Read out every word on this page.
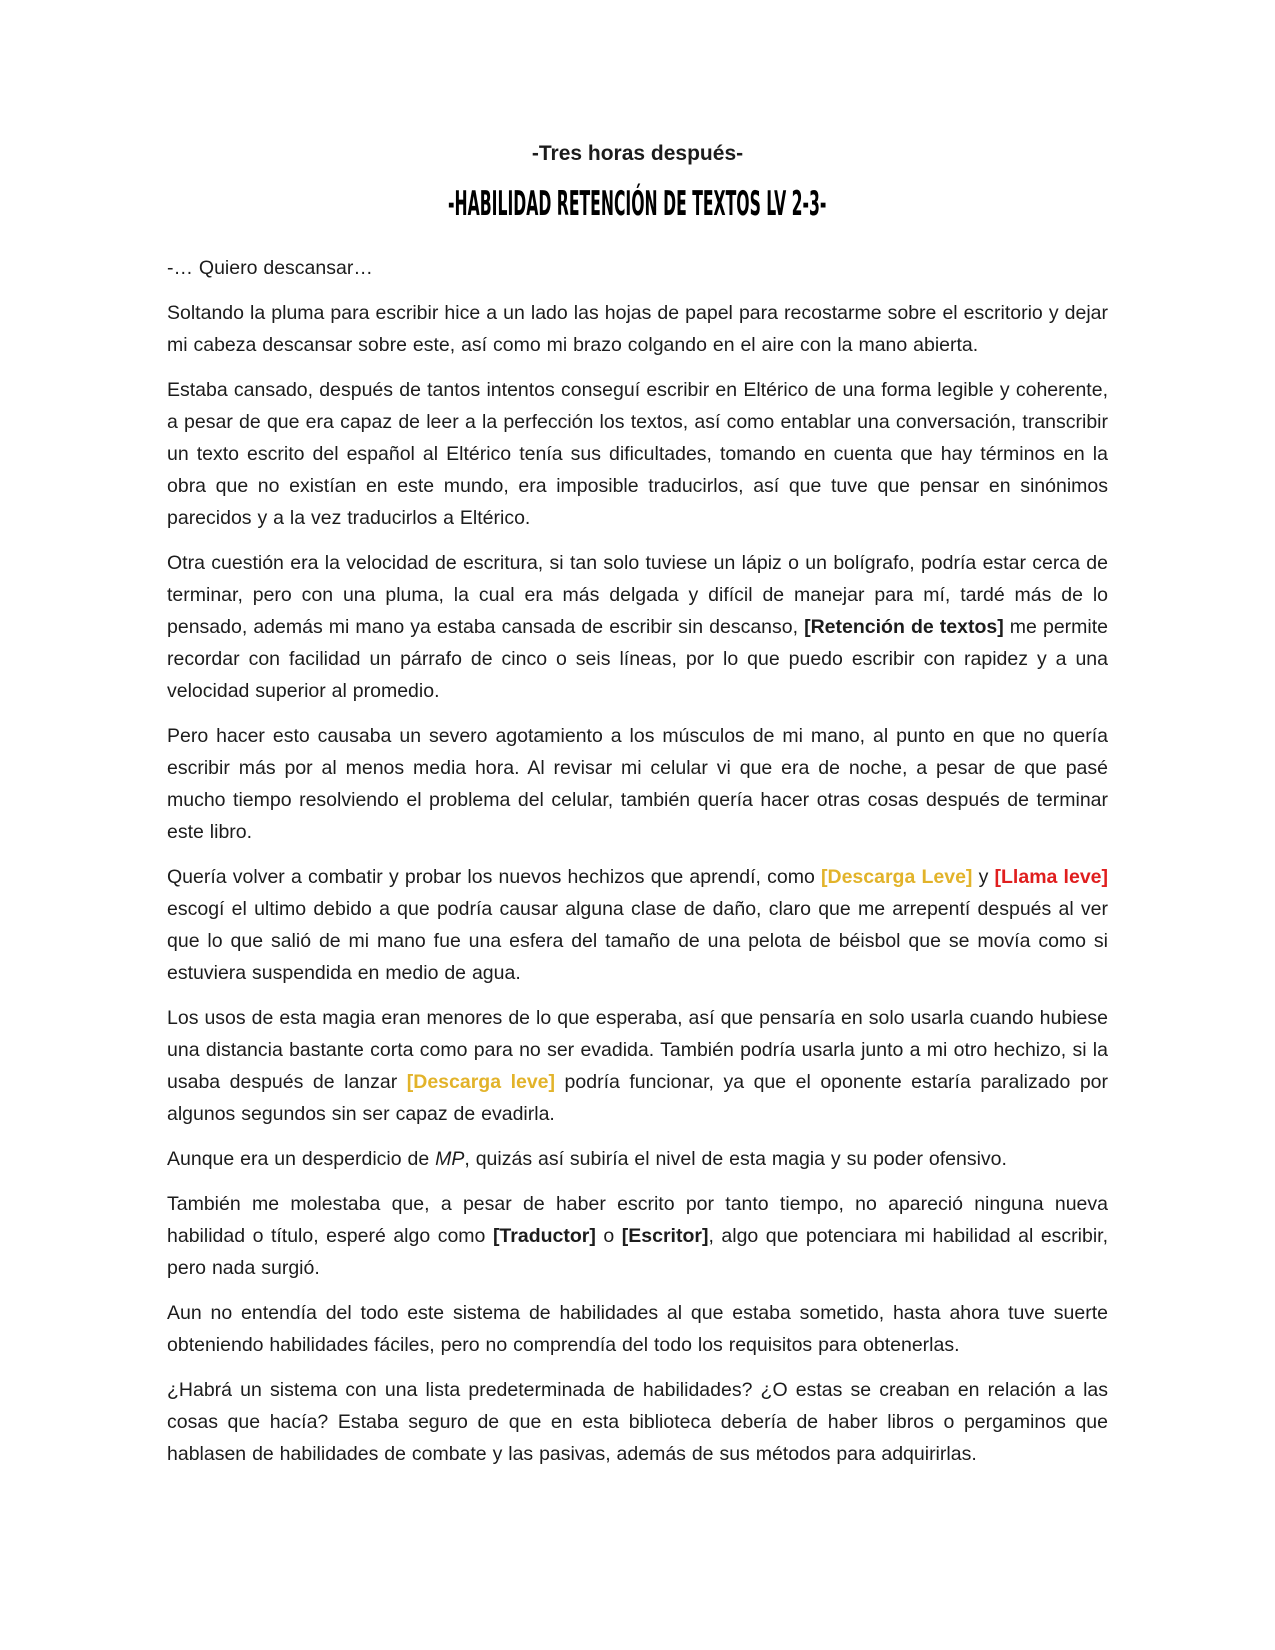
-Tres horas después-
-HABILIDAD RETENCIÓN DE TEXTOS LV 2-3-

-… Quiero descansar…

Soltando la pluma para escribir hice a un lado las hojas de papel para recostarme sobre el escritorio y dejar mi cabeza descansar sobre este, así como mi brazo colgando en el aire con la mano abierta.

Estaba cansado, después de tantos intentos conseguí escribir en Eltérico de una forma legible y coherente, a pesar de que era capaz de leer a la perfección los textos, así como entablar una conversación, transcribir un texto escrito del español al Eltérico tenía sus dificultades, tomando en cuenta que hay términos en la obra que no existían en este mundo, era imposible traducirlos, así que tuve que pensar en sinónimos parecidos y a la vez traducirlos a Eltérico.

Otra cuestión era la velocidad de escritura, si tan solo tuviese un lápiz o un bolígrafo, podría estar cerca de terminar, pero con una pluma, la cual era más delgada y difícil de manejar para mí, tardé más de lo pensado, además mi mano ya estaba cansada de escribir sin descanso, [Retención de textos] me permite recordar con facilidad un párrafo de cinco o seis líneas, por lo que puedo escribir con rapidez y a una velocidad superior al promedio.

Pero hacer esto causaba un severo agotamiento a los músculos de mi mano, al punto en que no quería escribir más por al menos media hora. Al revisar mi celular vi que era de noche, a pesar de que pasé mucho tiempo resolviendo el problema del celular, también quería hacer otras cosas después de terminar este libro.

Quería volver a combatir y probar los nuevos hechizos que aprendí, como [Descarga Leve] y [Llama leve] escogí el ultimo debido a que podría causar alguna clase de daño, claro que me arrepentí después al ver que lo que salió de mi mano fue una esfera del tamaño de una pelota de béisbol que se movía como si estuviera suspendida en medio de agua.

Los usos de esta magia eran menores de lo que esperaba, así que pensaría en solo usarla cuando hubiese una distancia bastante corta como para no ser evadida. También podría usarla junto a mi otro hechizo, si la usaba después de lanzar [Descarga leve] podría funcionar, ya que el oponente estaría paralizado por algunos segundos sin ser capaz de evadirla.

Aunque era un desperdicio de MP, quizás así subiría el nivel de esta magia y su poder ofensivo.

También me molestaba que, a pesar de haber escrito por tanto tiempo, no apareció ninguna nueva habilidad o título, esperé algo como [Traductor] o [Escritor], algo que potenciara mi habilidad al escribir, pero nada surgió.

Aun no entendía del todo este sistema de habilidades al que estaba sometido, hasta ahora tuve suerte obteniendo habilidades fáciles, pero no comprendía del todo los requisitos para obtenerlas.

¿Habrá un sistema con una lista predeterminada de habilidades? ¿O estas se creaban en relación a las cosas que hacía? Estaba seguro de que en esta biblioteca debería de haber libros o pergaminos que hablasen de habilidades de combate y las pasivas, además de sus métodos para adquirirlas.
